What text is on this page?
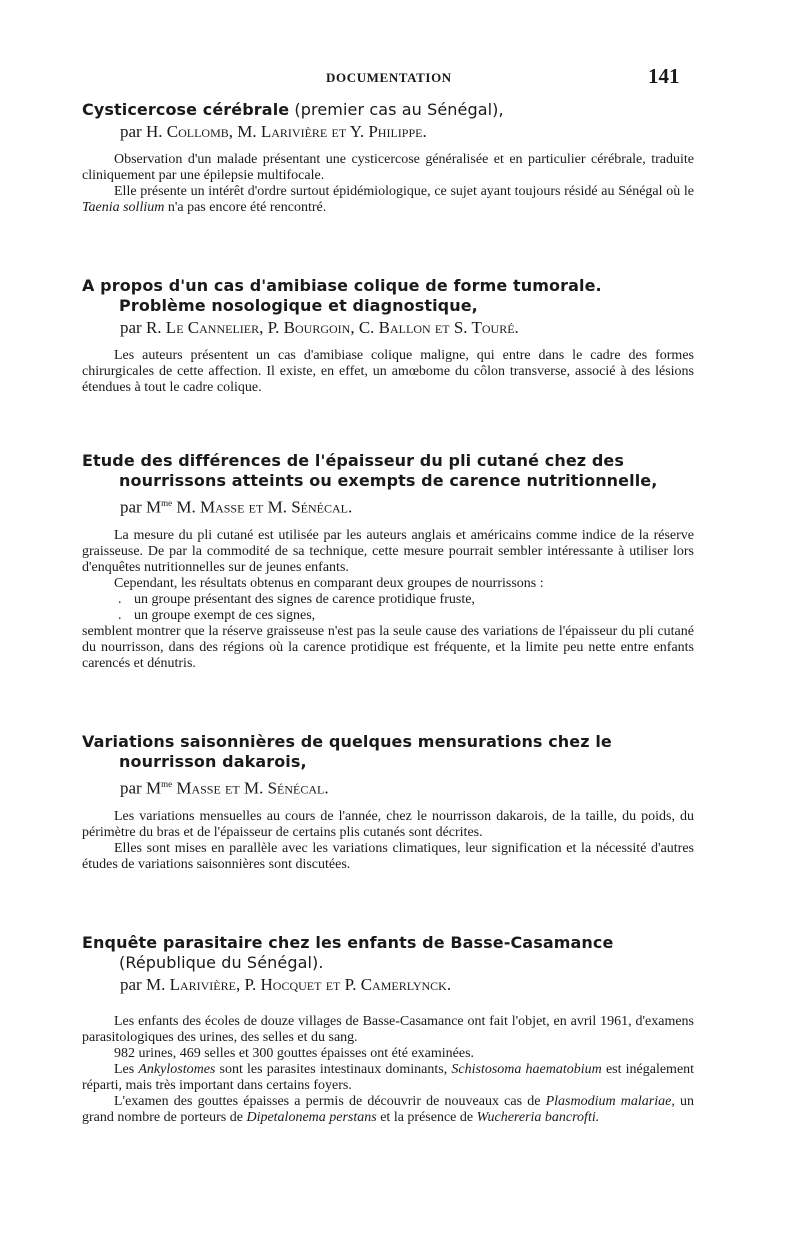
DOCUMENTATION	141

Cysticercose cérébrale (premier cas au Sénégal),

par H. Collomb, M. Larivière et Y. Philippe.

Observation d'un malade présentant une cysticercose généralisée et en particulier cérébrale, traduite cliniquement par une épilepsie multifocale.

Elle présente un intérêt d'ordre surtout épidémiologique, ce sujet ayant toujours résidé au Sénégal où le Taenia sollium n'a pas encore été rencontré.

A propos d'un cas d'amibiase colique de forme tumorale. Problème nosologique et diagnostique,

par R. Le Cannelier, P. Bourgoin, C. Ballon et S. Touré.

Les auteurs présentent un cas d'amibiase colique maligne, qui entre dans le cadre des formes chirurgicales de cette affection. Il existe, en effet, un amœbome du côlon transverse, associé à des lésions étendues à tout le cadre colique.

Etude des différences de l'épaisseur du pli cutané chez des nourrissons atteints ou exempts de carence nutritionnelle,

par $M^{me}$ M. Masse et M. Sénécal.

La mesure du pli cutané est utilisée par les auteurs anglais et américains comme indice de la réserve graisseuse. De par la commodité de sa technique, cette mesure pourrait sembler intéressante à utiliser lors d'enquêtes nutritionnelles sur de jeunes enfants.

Cependant, les résultats obtenus en comparant deux groupes de nourrissons :

. un groupe présentant des signes de carence protidique fruste,

. un groupe exempt de ces signes,

semblent montrer que la réserve graisseuse n'est pas la seule cause des variations de l'épaisseur du pli cutané du nourrisson, dans des régions où la carence protidique est fréquente, et la limite peu nette entre enfants carencés et dénutris.

Variations saisonnières de quelques mensurations chez le nourrisson dakarois,

par $M^{me}$ Masse et M. Sénécal.

Les variations mensuelles au cours de l'année, chez le nourrisson dakarois, de la taille, du poids, du périmètre du bras et de l'épaisseur de certains plis cutanés sont décrites.

Elles sont mises en parallèle avec les variations climatiques, leur signification et la nécessité d'autres études de variations saisonnières sont discutées.

Enquête parasitaire chez les enfants de Basse-Casamance (République du Sénégal).

par M. Larivière, P. Hocquet et P. Camerlynck.

Les enfants des écoles de douze villages de Basse-Casamance ont fait l'objet, en avril 1961, d'examens parasitologiques des urines, des selles et du sang.

982 urines, 469 selles et 300 gouttes épaisses ont été examinées.

Les Ankylostomes sont les parasites intestinaux dominants, Schistosoma haematobium est inégalement réparti, mais très important dans certains foyers.

L'examen des gouttes épaisses a permis de découvrir de nouveaux cas de Plasmodium malariae, un grand nombre de porteurs de Dipetalonema perstans et la présence de Wuchereria bancrofti.
